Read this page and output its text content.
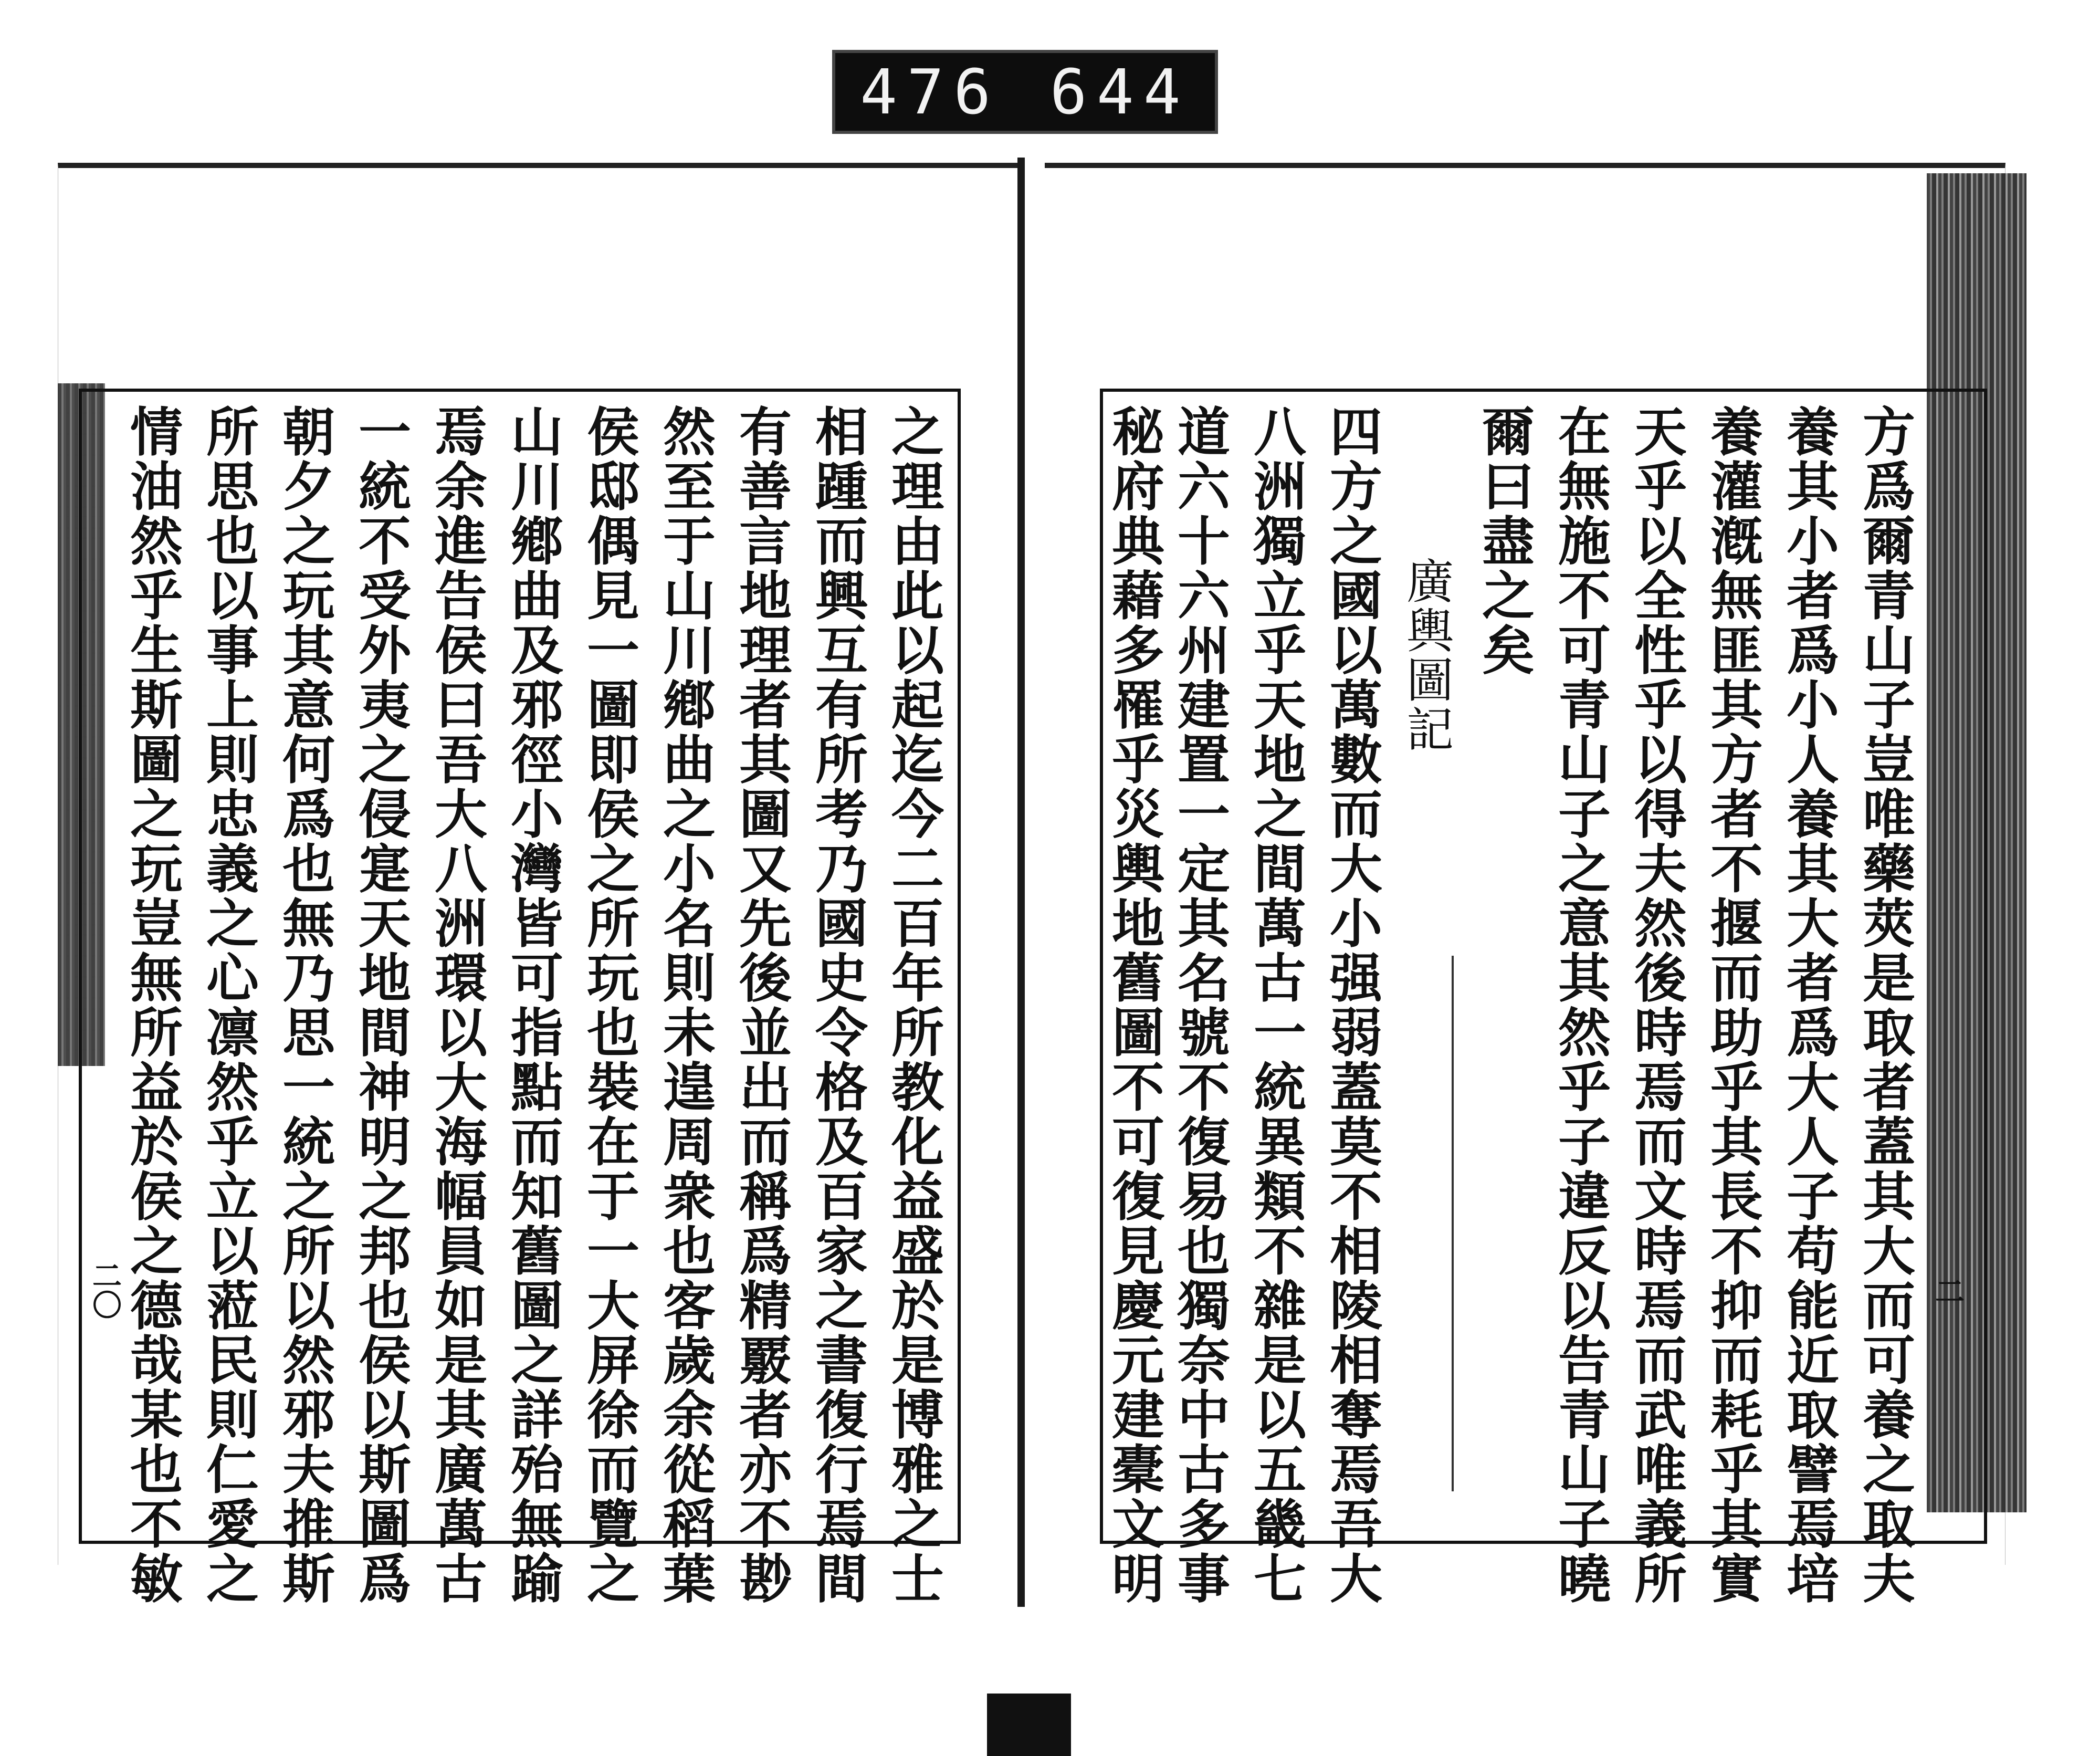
476 644
方爲爾青山子豈唯藥莢是取者蓋其大而可養之取夫
養其小者爲小人養其大者爲大人子苟能近取譬焉培
養灌漑無匪其方者不揠而助乎其長不抑而耗乎其實
天乎以全性乎以得夫然後時焉而文時焉而武唯義所
在無施不可青山子之意其然乎子違反以告青山子曉
爾曰盡之矣
廣輿圖記
四方之國以萬數而大小强弱蓋莫不相陵相奪焉吾大
八洲獨立乎天地之間萬古一統異類不雜是以五畿七
道六十六州建置一定其名號不復易也獨奈中古多事
秘府典藉多罹乎災輿地舊圖不可復見慶元建橐文明
之理由此以起迄今二百年所教化益盛於是博雅之士
相踵而興互有所考乃國史令格及百家之書復行焉間
有善言地理者其圖又先後並出而稱爲精覈者亦不尠
然至于山川鄕曲之小名則未遑周衆也客歲余從稻葉
侯邸偶見一圖即侯之所玩也裝在于一大屏徐而覽之
山川鄕曲及邪徑小灣皆可指點而知舊圖之詳殆無踰
焉余進告侯曰吾大八洲環以大海幅員如是其廣萬古
一統不受外夷之侵寔天地間神明之邦也侯以斯圖爲
朝夕之玩其意何爲也無乃思一統之所以然邪夫推斯
所思也以事上則忠義之心凛然乎立以蒞民則仁愛之
情油然乎生斯圖之玩豈無所益於侯之德哉某也不敏
二〇	二
